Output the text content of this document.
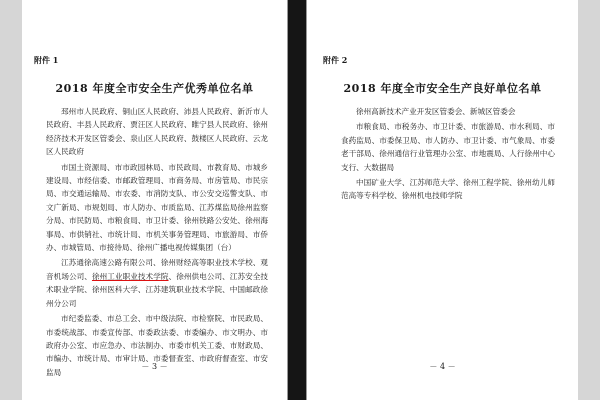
附件 1
2018 年度全市安全生产优秀单位名单

邳州市人民政府、铜山区人民政府、沛县人民政府、新沂市人民政府、丰县人民政府、贾汪区人民政府、睢宁县人民政府、徐州经济技术开发区管委会、泉山区人民政府、鼓楼区人民政府、云龙区人民政府

市国土资源局、市市政园林局、市民政局、市教育局、市城乡建设局、市经信委、市邮政管理局、市商务局、市房管局、市民宗局、市交通运输局、市农委、市消防支队、市公安交巡警支队、市文广新局、市规划局、市人防办、市质监局、江苏煤监局徐州监察分局、市民防局、市粮食局、市卫计委、徐州铁路公安处、徐州海事局、市供销社、市统计局、市机关事务管理局、市旅游局、市侨办、市城管局、市接待局、徐州广播电视传媒集团（台）

江苏通徐高速公路有限公司、徐州财经高等职业技术学校、观音机场公司、徐州工业职业技术学院、徐州供电公司、江苏安全技术职业学院、徐州医科大学、江苏建筑职业技术学院、中国邮政徐州分公司

市纪委监委、市总工会、市中级法院、市检察院、市民政局、市委统战部、市委宣传部、市委政法委、市委编办、市文明办、市政府办公室、市应急办、市法制办、市委市机关工委、市财政局、市编办、市统计局、市审计局、市委督查室、市政府督查室、市安监局

－ 3 －
附件 2
2018 年度全市安全生产良好单位名单

徐州高新技术产业开发区管委会、新城区管委会

市粮食局、市税务办、市卫计委、市旅游局、市水利局、市食药监局、市委保卫局、市人防办、市卫计委、市气象局、市委老干部局、徐州通信行业管理办公室、市地震局、人行徐州中心支行、大数据局

中国矿业大学、江苏师范大学、徐州工程学院、徐州幼儿师范高等专科学校、徐州机电技师学院

－ 4 －
